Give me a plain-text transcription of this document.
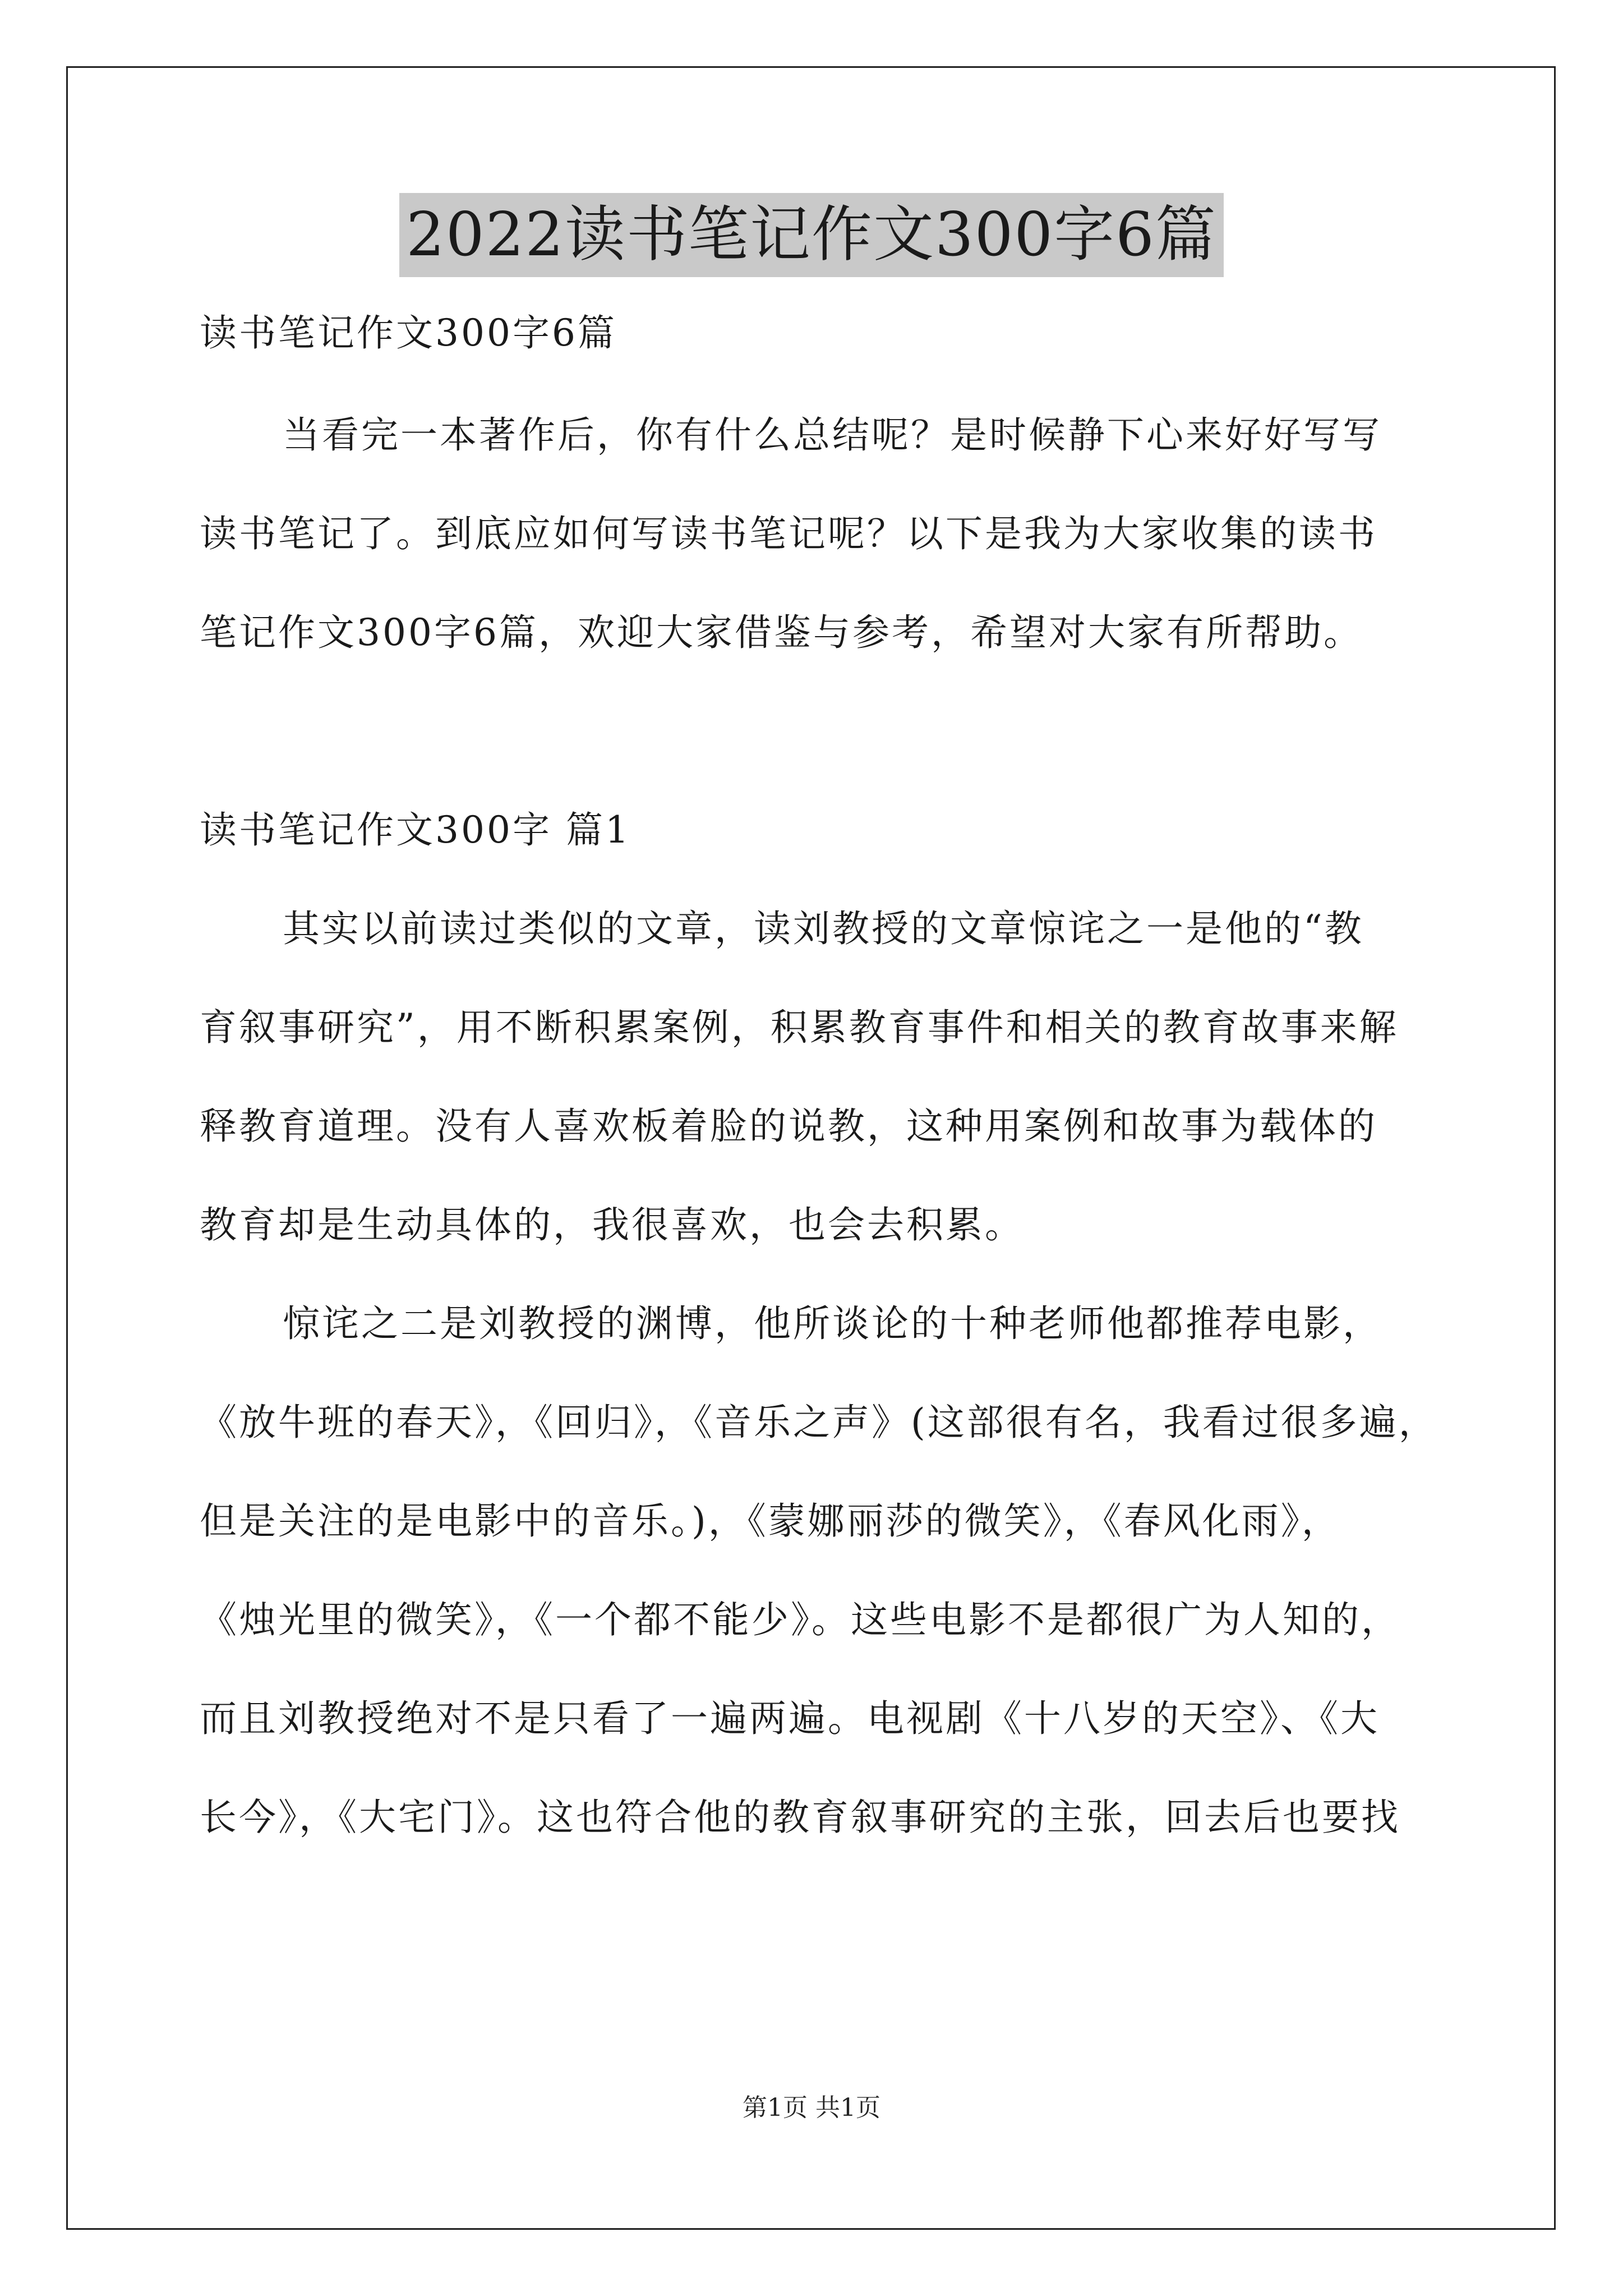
2022读书笔记作文300字6篇
读书笔记作文300字6篇
当看完一本著作后，你有什么总结呢？是时候静下心来好好写写
读书笔记了。到底应如何写读书笔记呢？以下是我为大家收集的读书
笔记作文300字6篇，欢迎大家借鉴与参考，希望对大家有所帮助。
读书笔记作文300字 篇1
其实以前读过类似的文章，读刘教授的文章惊诧之一是他的“教
育叙事研究”，用不断积累案例，积累教育事件和相关的教育故事来解
释教育道理。没有人喜欢板着脸的说教，这种用案例和故事为载体的
教育却是生动具体的，我很喜欢，也会去积累。
惊诧之二是刘教授的渊博，他所谈论的十种老师他都推荐电影，
《放牛班的春天》，《回归》，《音乐之声》(这部很有名，我看过很多遍，
但是关注的是电影中的音乐。)，《蒙娜丽莎的微笑》，《春风化雨》，
《烛光里的微笑》，《一个都不能少》。这些电影不是都很广为人知的，
而且刘教授绝对不是只看了一遍两遍。电视剧《十八岁的天空》、《大
长今》，《大宅门》。这也符合他的教育叙事研究的主张，回去后也要找
第1页 共1页
